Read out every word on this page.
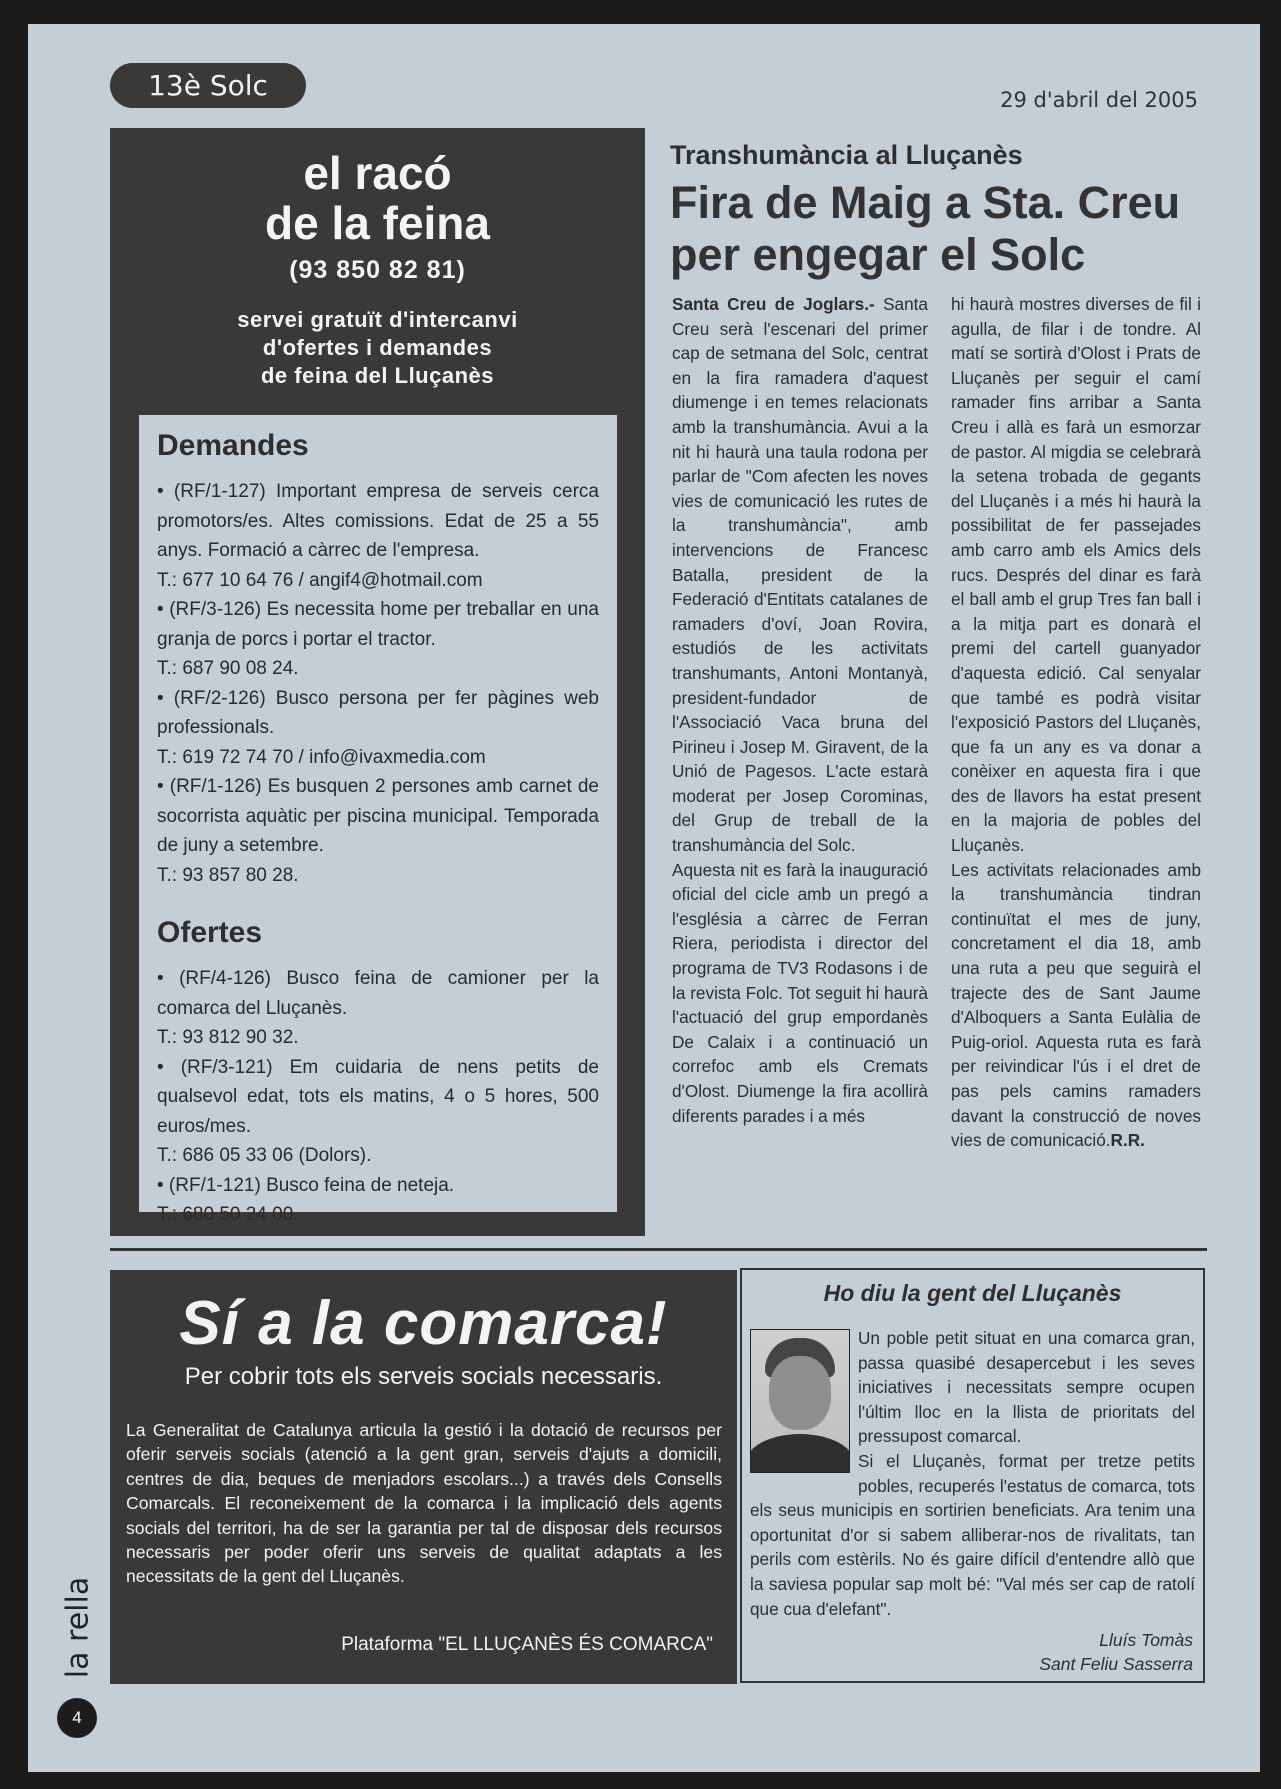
13è Solc	29 d'abril del 2005
el racó
de la feina
(93 850 82 81)
servei gratuït d'intercanvi
d'ofertes i demandes
de feina del Lluçanès
Demandes

• (RF/1-127) Important empresa de serveis cerca promotors/es. Altes comissions. Edat de 25 a 55 anys. Formació a càrrec de l'empresa.

T.: 677 10 64 76 / angif4@hotmail.com

• (RF/3-126) Es necessita home per treballar en una granja de porcs i portar el tractor.

T.: 687 90 08 24.

• (RF/2-126) Busco persona per fer pàgines web professionals.

T.: 619 72 74 70 / info@ivaxmedia.com

• (RF/1-126) Es busquen 2 persones amb carnet de socorrista aquàtic per piscina municipal. Temporada de juny a setembre.

T.: 93 857 80 28.

Ofertes

• (RF/4-126) Busco feina de camioner per la comarca del Lluçanès.

T.: 93 812 90 32.

• (RF/3-121) Em cuidaria de nens petits de qualsevol edat, tots els matins, 4 o 5 hores, 500 euros/mes.

T.: 686 05 33 06 (Dolors).

• (RF/1-121) Busco feina de neteja.

T.: 680 50 24 00.

Transhumància al Lluçanès
Fira de Maig a Sta. Creu
per engegar el Solc

Santa Creu de Joglars.- Santa Creu serà l'escenari del primer cap de setmana del Solc, centrat en la fira ramadera d'aquest diumenge i en temes relacionats amb la transhumància. Avui a la nit hi haurà una taula rodona per parlar de "Com afecten les noves vies de comunicació les rutes de la transhumància", amb intervencions de Francesc Batalla, president de la Federació d'Entitats catalanes de ramaders d'oví, Joan Rovira, estudiós de les activitats transhumants, Antoni Montanyà, president-fundador de l'Associació Vaca bruna del Pirineu i Josep M. Giravent, de la Unió de Pagesos. L'acte estarà moderat per Josep Corominas, del Grup de treball de la transhumància del Solc.

Aquesta nit es farà la inauguració oficial del cicle amb un pregó a l'església a càrrec de Ferran Riera, periodista i director del programa de TV3 Rodasons i de la revista Folc. Tot seguit hi haurà l'actuació del grup empordanès De Calaix i a continuació un correfoc amb els Cremats d'Olost. Diumenge la fira acollirà diferents parades i a més

hi haurà mostres diverses de fil i agulla, de filar i de tondre. Al matí se sortirà d'Olost i Prats de Lluçanès per seguir el camí ramader fins arribar a Santa Creu i allà es farà un esmorzar de pastor. Al migdia se celebrarà la setena trobada de gegants del Lluçanès i a més hi haurà la possibilitat de fer passejades amb carro amb els Amics dels rucs. Després del dinar es farà el ball amb el grup Tres fan ball i a la mitja part es donarà el premi del cartell guanyador d'aquesta edició. Cal senyalar que també es podrà visitar l'exposició Pastors del Lluçanès, que fa un any es va donar a conèixer en aquesta fira i que des de llavors ha estat present en la majoria de pobles del Lluçanès.

Les activitats relacionades amb la transhumància tindran continuïtat el mes de juny, concretament el dia 18, amb una ruta a peu que seguirà el trajecte des de Sant Jaume d'Alboquers a Santa Eulàlia de Puig-oriol. Aquesta ruta es farà per reivindicar l'ús i el dret de pas pels camins ramaders davant la construcció de noves vies de comunicació.R.R.

Sí a la comarca!
Per cobrir tots els serveis socials necessaris.
La Generalitat de Catalunya articula la gestió i la dotació de recursos per oferir serveis socials (atenció a la gent gran, serveis d'ajuts a domicili, centres de dia, beques de menjadors escolars...) a través dels Consells Comarcals. El reconeixement de la comarca i la implicació dels agents socials del territori, ha de ser la garantia per tal de disposar dels recursos necessaris per poder oferir uns serveis de qualitat adaptats a les necessitats de la gent del Lluçanès.
Plataforma "EL LLUÇANÈS ÉS COMARCA"
Ho diu la gent del Lluçanès

Un poble petit situat en una comarca gran, passa quasibé desapercebut i les seves iniciatives i necessitats sempre ocupen l'últim lloc en la llista de prioritats del pressupost comarcal.

Si el Lluçanès, format per tretze petits pobles, recuperés l'estatus de comarca, tots els seus municipis en sortirien beneficiats. Ara tenim una oportunitat d'or si sabem alliberar-nos de rivalitats, tan perils com estèrils. No és gaire difícil d'entendre allò que la saviesa popular sap molt bé: "Val més ser cap de ratolí que cua d'elefant".

Lluís Tomàs
Sant Feliu Sasserra
la rella
4
